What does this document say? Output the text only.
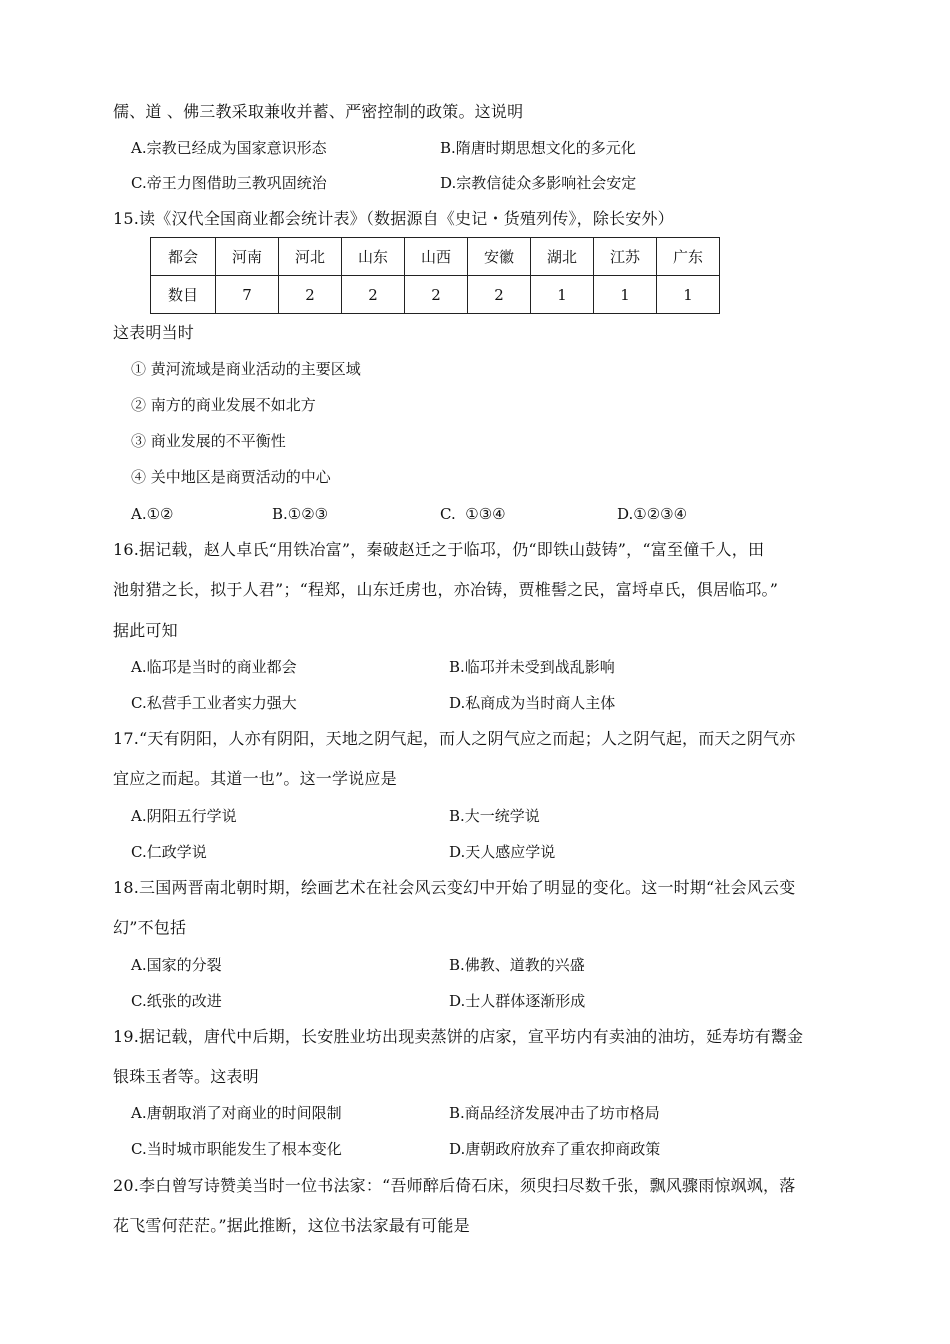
儒、道 、佛三教采取兼收并蓄、严密控制的政策。这说明
A.宗教已经成为国家意识形态	B.隋唐时期思想文化的多元化
C.帝王力图借助三教巩固统治	D.宗教信徒众多影响社会安定
15.读《汉代全国商业都会统计表》（数据源自《史记・货殖列传》，除长安外）
都会	河南	河北	山东	山西	安徽	湖北	江苏	广东
数目	7	2	2	2	2	1	1	1
这表明当时
① 黄河流域是商业活动的主要区域
② 南方的商业发展不如北方
③ 商业发展的不平衡性
④ 关中地区是商贾活动的中心
A.①②	B.①②③	C.  ①③④	D.①②③④
16.据记载，赵人卓氏“用铁冶富”，秦破赵迁之于临邛，仍“即铁山鼓铸”，“富至僮千人，田
池射猎之长，拟于人君”；“程郑，山东迁虏也，亦冶铸，贾椎髻之民，富埒卓氏，俱居临邛。”
据此可知
A.临邛是当时的商业都会	B.临邛并未受到战乱影响
C.私营手工业者实力强大	D.私商成为当时商人主体
17.“天有阴阳，人亦有阴阳，天地之阴气起，而人之阴气应之而起；人之阴气起，而天之阴气亦
宜应之而起。其道一也”。这一学说应是
A.阴阳五行学说	B.大一统学说
C.仁政学说	D.天人感应学说
18.三国两晋南北朝时期，绘画艺术在社会风云变幻中开始了明显的变化。这一时期“社会风云变
幻”不包括
A.国家的分裂	B.佛教、道教的兴盛
C.纸张的改进	D.士人群体逐渐形成
19.据记载，唐代中后期，长安胜业坊出现卖蒸饼的店家，宣平坊内有卖油的油坊，延寿坊有鬻金
银珠玉者等。这表明
A.唐朝取消了对商业的时间限制	B.商品经济发展冲击了坊市格局
C.当时城市职能发生了根本变化	D.唐朝政府放弃了重农抑商政策
20.李白曾写诗赞美当时一位书法家：“吾师醉后倚石床，须臾扫尽数千张，飘风骤雨惊飒飒，落
花飞雪何茫茫。”据此推断，这位书法家最有可能是
